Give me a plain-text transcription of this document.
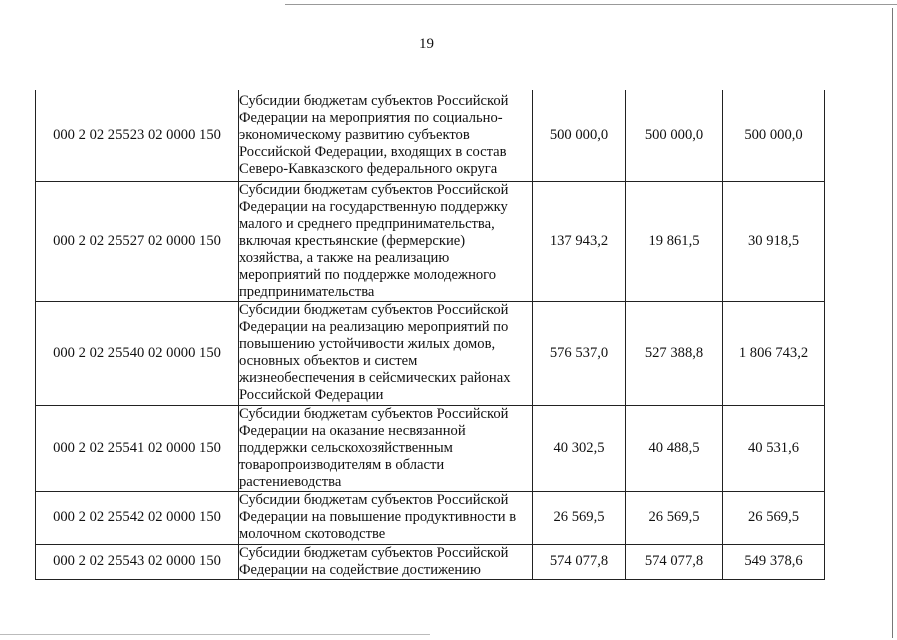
19
000 2 02 25523 02 0000 150	Субсидии бюджетам субъектов Российской Федерации на мероприятия по социально-экономическому развитию субъектов Российской Федерации, входящих в состав Северо-Кавказского федерального округа	500 000,0	500 000,0	500 000,0
000 2 02 25527 02 0000 150	Субсидии бюджетам субъектов Российской Федерации на государственную поддержку малого и среднего предпринимательства, включая крестьянские (фермерские) хозяйства, а также на реализацию мероприятий по поддержке молодежного предпринимательства	137 943,2	19 861,5	30 918,5
000 2 02 25540 02 0000 150	Субсидии бюджетам субъектов Российской Федерации на реализацию мероприятий по повышению устойчивости жилых домов, основных объектов и систем жизнеобеспечения в сейсмических районах Российской Федерации	576 537,0	527 388,8	1 806 743,2
000 2 02 25541 02 0000 150	Субсидии бюджетам субъектов Российской Федерации на оказание несвязанной поддержки сельскохозяйственным товаропроизводителям в области растениеводства	40 302,5	40 488,5	40 531,6
000 2 02 25542 02 0000 150	Субсидии бюджетам субъектов Российской Федерации на повышение продуктивности в молочном скотоводстве	26 569,5	26 569,5	26 569,5
000 2 02 25543 02 0000 150	Субсидии бюджетам субъектов Российской Федерации на содействие достижению	574 077,8	574 077,8	549 378,6
